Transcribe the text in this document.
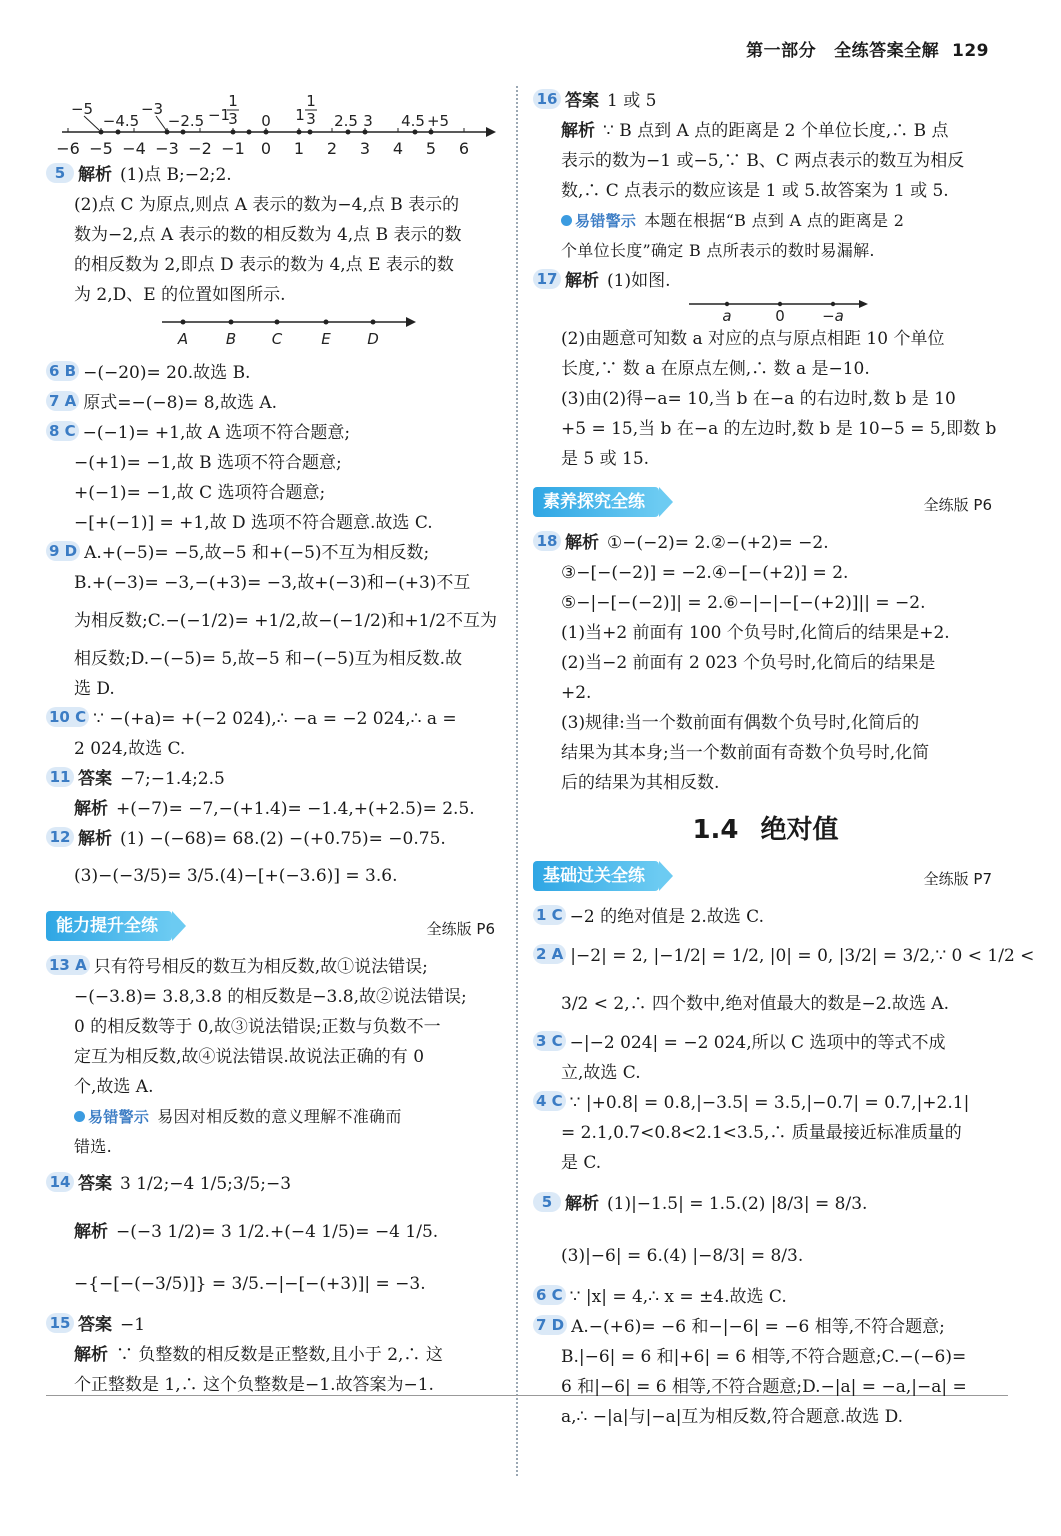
第一部分 全练答案全解 129
−6 −5 −4 −3 −2 −1 0 1 2 3 4 5 6
−5
−4.5
−3
−2.5 −1
1
3 0 1
1
3 2.5 3 4.5 +5

5 解析 (1)点 B;−2;2.

(2)点 C 为原点,则点 A 表示的数为−4,点 B 表示的

数为−2,点 A 表示的数的相反数为 4,点 B 表示的数

的相反数为 2,即点 D 表示的数为 4,点 E 表示的数

为 2,D、E 的位置如图所示.

A	B C	E D

6 B −(−20)= 20.故选 B.

7 A 原式=−(−8)= 8,故选 A.

8 C −(−1)= +1,故 A 选项不符合题意;

−(+1)= −1,故 B 选项不符合题意;

+(−1)= −1,故 C 选项符合题意;

−[+(−1)] = +1,故 D 选项不符合题意.故选 C.

9 D A.+(−5)= −5,故−5 和+(−5)不互为相反数;

B.+(−3)= −3,−(+3)= −3,故+(−3)和−(+3)不互

为相反数;C.−(−1/2)= +1/2,故−(−1/2)和+1/2不互为

相反数;D.−(−5)= 5,故−5 和−(−5)互为相反数.故

选 D.

10 C ∵ −(+a)= +(−2 024),∴ −a = −2 024,∴ a =

2 024,故选 C.

11 答案 −7;−1.4;2.5

解析 +(−7)= −7,−(+1.4)= −1.4,+(+2.5)= 2.5.

12 解析 (1) −(−68)= 68.(2) −(+0.75)= −0.75.

(3)−(−3/5)= 3/5.(4)−[+(−3.6)] = 3.6.

能力提升全练	全练版 P6

13 A 只有符号相反的数互为相反数,故①说法错误;

−(−3.8)= 3.8,3.8 的相反数是−3.8,故②说法错误;

0 的相反数等于 0,故③说法错误;正数与负数不一

定互为相反数,故④说法错误.故说法正确的有 0

个,故选 A.

易错警示 易因对相反数的意义理解不准确而

错选.

14 答案 3 1/2;−4 1/5;3/5;−3

解析 −(−3 1/2)= 3 1/2.+(−4 1/5)= −4 1/5.

−{−[−(−3/5)]} = 3/5.−|−[−(+3)]| = −3.

15 答案 −1

解析 ∵ 负整数的相反数是正整数,且小于 2,∴ 这

个正整数是 1,∴ 这个负整数是−1.故答案为−1.

16 答案 1 或 5

解析 ∵ B 点到 A 点的距离是 2 个单位长度,∴ B 点

表示的数为−1 或−5,∵ B、C 两点表示的数互为相反

数,∴ C 点表示的数应该是 1 或 5.故答案为 1 或 5.

易错警示 本题在根据“B 点到 A 点的距离是 2

个单位长度”确定 B 点所表示的数时易漏解.

17 解析 (1)如图.

a	0 −a

(2)由题意可知数 a 对应的点与原点相距 10 个单位

长度,∵ 数 a 在原点左侧,∴ 数 a 是−10.

(3)由(2)得−a= 10,当 b 在−a 的右边时,数 b 是 10

+5 = 15,当 b 在−a 的左边时,数 b 是 10−5 = 5,即数 b

是 5 或 15.

素养探究全练	全练版 P6

18 解析 ①−(−2)= 2.②−(+2)= −2.

③−[−(−2)] = −2.④−[−(+2)] = 2.

⑤−|−[−(−2)]| = 2.⑥−|−|−[−(+2)]|| = −2.

(1)当+2 前面有 100 个负号时,化简后的结果是+2.

(2)当−2 前面有 2 023 个负号时,化简后的结果是

+2.

(3)规律:当一个数前面有偶数个负号时,化简后的

结果为其本身;当一个数前面有奇数个负号时,化简

后的结果为其相反数.

1.4 绝对值
基础过关全练	全练版 P7

1 C −2 的绝对值是 2.故选 C.

2 A |−2| = 2, |−1/2| = 1/2, |0| = 0, |3/2| = 3/2,∵ 0 < 1/2 <

3/2 < 2,∴ 四个数中,绝对值最大的数是−2.故选 A.

3 C −|−2 024| = −2 024,所以 C 选项中的等式不成

立,故选 C.

4 C ∵ |+0.8| = 0.8,|−3.5| = 3.5,|−0.7| = 0.7,|+2.1|

= 2.1,0.7<0.8<2.1<3.5,∴ 质量最接近标准质量的

是 C.

5 解析 (1)|−1.5| = 1.5.(2) |8/3| = 8/3.

(3)|−6| = 6.(4) |−8/3| = 8/3.

6 C ∵ |x| = 4,∴ x = ±4.故选 C.

7 D A.−(+6)= −6 和−|−6| = −6 相等,不符合题意;

B.|−6| = 6 和|+6| = 6 相等,不符合题意;C.−(−6)=

6 和|−6| = 6 相等,不符合题意;D.−|a| = −a,|−a| =

a,∴ −|a|与|−a|互为相反数,符合题意.故选 D.
